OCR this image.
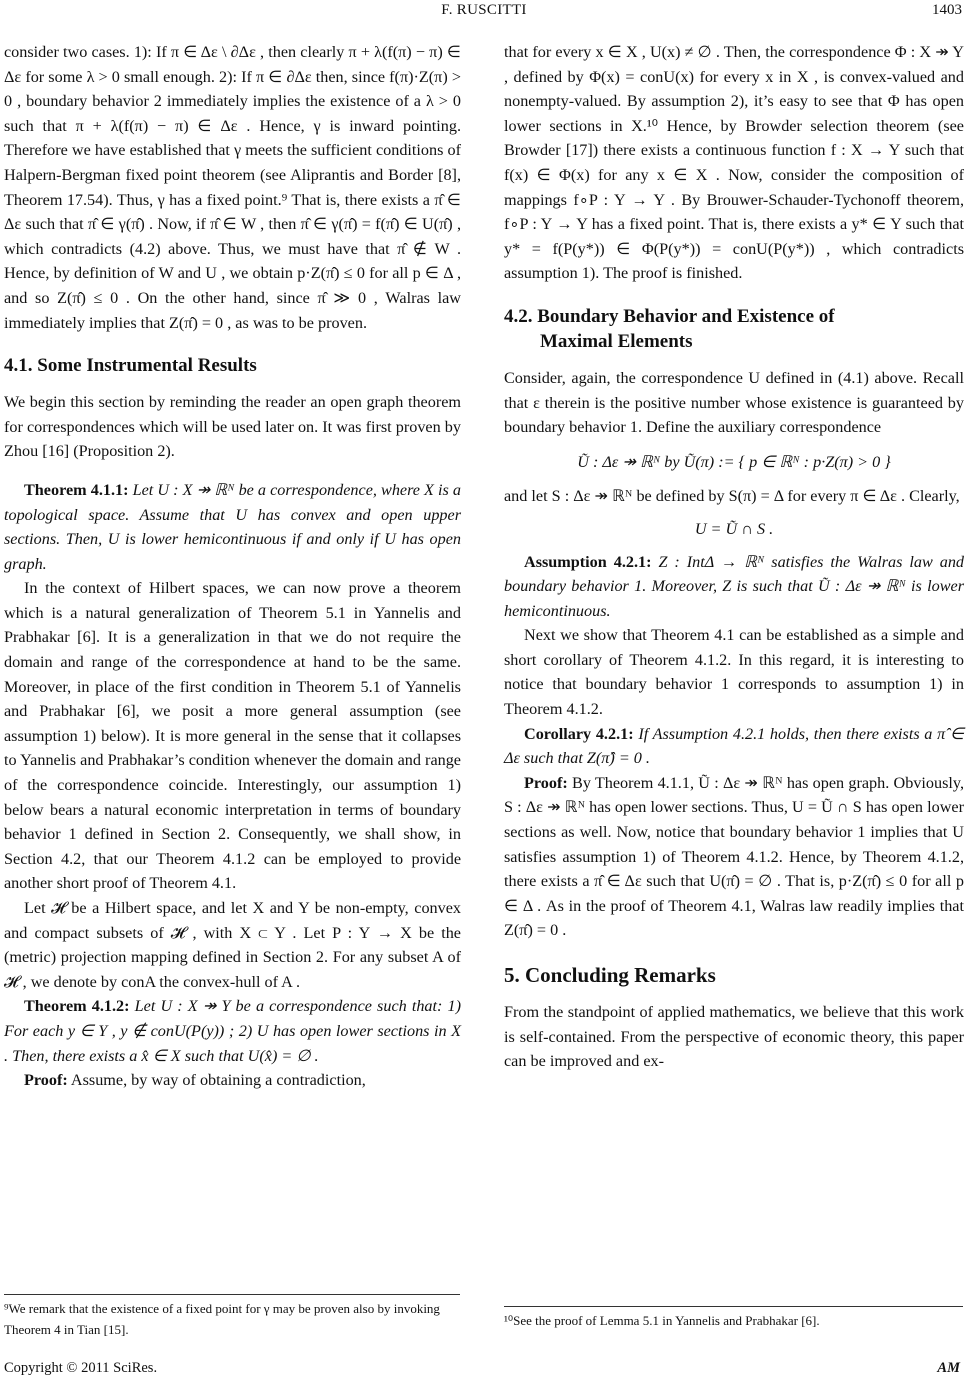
F. RUSCITTI	1403

consider two cases. 1): If π ∈ Δε \ ∂Δε , then clearly π + λ(f(π) − π) ∈ Δε for some λ > 0 small enough. 2): If π ∈ ∂Δε then, since f(π)·Z(π) > 0 , boundary behavior 2 immediately implies the existence of a λ > 0 such that π + λ(f(π) − π) ∈ Δε . Hence, γ is inward pointing. Therefore we have established that γ meets the sufficient conditions of Halpern-Bergman fixed point theorem (see Aliprantis and Border [8], Theorem 17.54). Thus, γ has a fixed point.⁹ That is, there exists a π̂ ∈ Δε such that π̂ ∈ γ(π̂) . Now, if π̂ ∈ W , then π̂ ∈ γ(π̂) = f(π̂) ∈ U(π̂) , which contradicts (4.2) above. Thus, we must have that π̂ ∉ W . Hence, by definition of W and U , we obtain p·Z(π̂) ≤ 0 for all p ∈ Δ , and so Z(π̂) ≤ 0 . On the other hand, since π̂ ≫ 0 , Walras law immediately implies that Z(π̂) = 0 , as was to be proven.

4.1. Some Instrumental Results

We begin this section by reminding the reader an open graph theorem for correspondences which will be used later on. It was first proven by Zhou [16] (Proposition 2).

Theorem 4.1.1: Let U : X ↠ ℝᴺ be a correspondence, where X is a topological space. Assume that U has convex and open upper sections. Then, U is lower hemicontinuous if and only if U has open graph.

In the context of Hilbert spaces, we can now prove a theorem which is a natural generalization of Theorem 5.1 in Yannelis and Prabhakar [6]. It is a generalization in that we do not require the domain and range of the correspondence at hand to be the same. Moreover, in place of the first condition in Theorem 5.1 of Yannelis and Prabhakar [6], we posit a more general assumption (see assumption 1) below). It is more general in the sense that it collapses to Yannelis and Prabhakar’s condition whenever the domain and range of the correspondence coincide. Interestingly, our assumption 1) below bears a natural economic interpretation in terms of boundary behavior 1 defined in Section 2. Consequently, we shall show, in Section 4.2, that our Theorem 4.1.2 can be employed to provide another short proof of Theorem 4.1.

Let 𝓗 be a Hilbert space, and let X and Y be non-empty, convex and compact subsets of 𝓗 , with X ⊂ Y . Let P : Y → X be the (metric) projection mapping defined in Section 2. For any subset A of 𝓗 , we denote by conA the convex-hull of A .

Theorem 4.1.2: Let U : X ↠ Y be a correspondence such that: 1) For each y ∈ Y , y ∉ conU(P(y)) ; 2) U has open lower sections in X . Then, there exists a x̂ ∈ X such that U(x̂) = ∅ .

Proof: Assume, by way of obtaining a contradiction,

⁹We remark that the existence of a fixed point for γ may be proven also by invoking Theorem 4 in Tian [15].

that for every x ∈ X , U(x) ≠ ∅ . Then, the correspondence Φ : X ↠ Y , defined by Φ(x) = conU(x) for every x in X , is convex-valued and nonempty-valued. By assumption 2), it’s easy to see that Φ has open lower sections in X.¹⁰ Hence, by Browder selection theorem (see Browder [17]) there exists a continuous function f : X → Y such that f(x) ∈ Φ(x) for any x ∈ X . Now, consider the composition of mappings f∘P : Y → Y . By Brouwer-Schauder-Tychonoff theorem, f∘P : Y → Y has a fixed point. That is, there exists a y* ∈ Y such that y* = f(P(y*)) ∈ Φ(P(y*)) = conU(P(y*)) , which contradicts assumption 1). The proof is finished.

4.2. Boundary Behavior and Existence of
Maximal Elements

Consider, again, the correspondence U defined in (4.1) above. Recall that ε therein is the positive number whose existence is guaranteed by boundary behavior 1. Define the auxiliary correspondence

Ũ : Δε ↠ ℝᴺ by Ũ(π) := { p ∈ ℝᴺ : p·Z(π) > 0 }

and let S : Δε ↠ ℝᴺ be defined by S(π) = Δ for every π ∈ Δε . Clearly,

U = Ũ ∩ S .

Assumption 4.2.1: Z : IntΔ → ℝᴺ satisfies the Walras law and boundary behavior 1. Moreover, Z is such that Ũ : Δε ↠ ℝᴺ is lower hemicontinuous.

Next we show that Theorem 4.1 can be established as a simple and short corollary of Theorem 4.1.2. In this regard, it is interesting to notice that boundary behavior 1 corresponds to assumption 1) in Theorem 4.1.2.

Corollary 4.2.1: If Assumption 4.2.1 holds, then there exists a π̂ ∈ Δε such that Z(π̂) = 0 .

Proof: By Theorem 4.1.1, Ũ : Δε ↠ ℝᴺ has open graph. Obviously, S : Δε ↠ ℝᴺ has open lower sections. Thus, U = Ũ ∩ S has open lower sections as well. Now, notice that boundary behavior 1 implies that U satisfies assumption 1) of Theorem 4.1.2. Hence, by Theorem 4.1.2, there exists a π̂ ∈ Δε such that U(π̂) = ∅ . That is, p·Z(π̂) ≤ 0 for all p ∈ Δ . As in the proof of Theorem 4.1, Walras law readily implies that Z(π̂) = 0 .

5. Concluding Remarks

From the standpoint of applied mathematics, we believe that this work is self-contained. From the perspective of economic theory, this paper can be improved and ex-

¹⁰See the proof of Lemma 5.1 in Yannelis and Prabhakar [6].
Copyright © 2011 SciRes.	AM
